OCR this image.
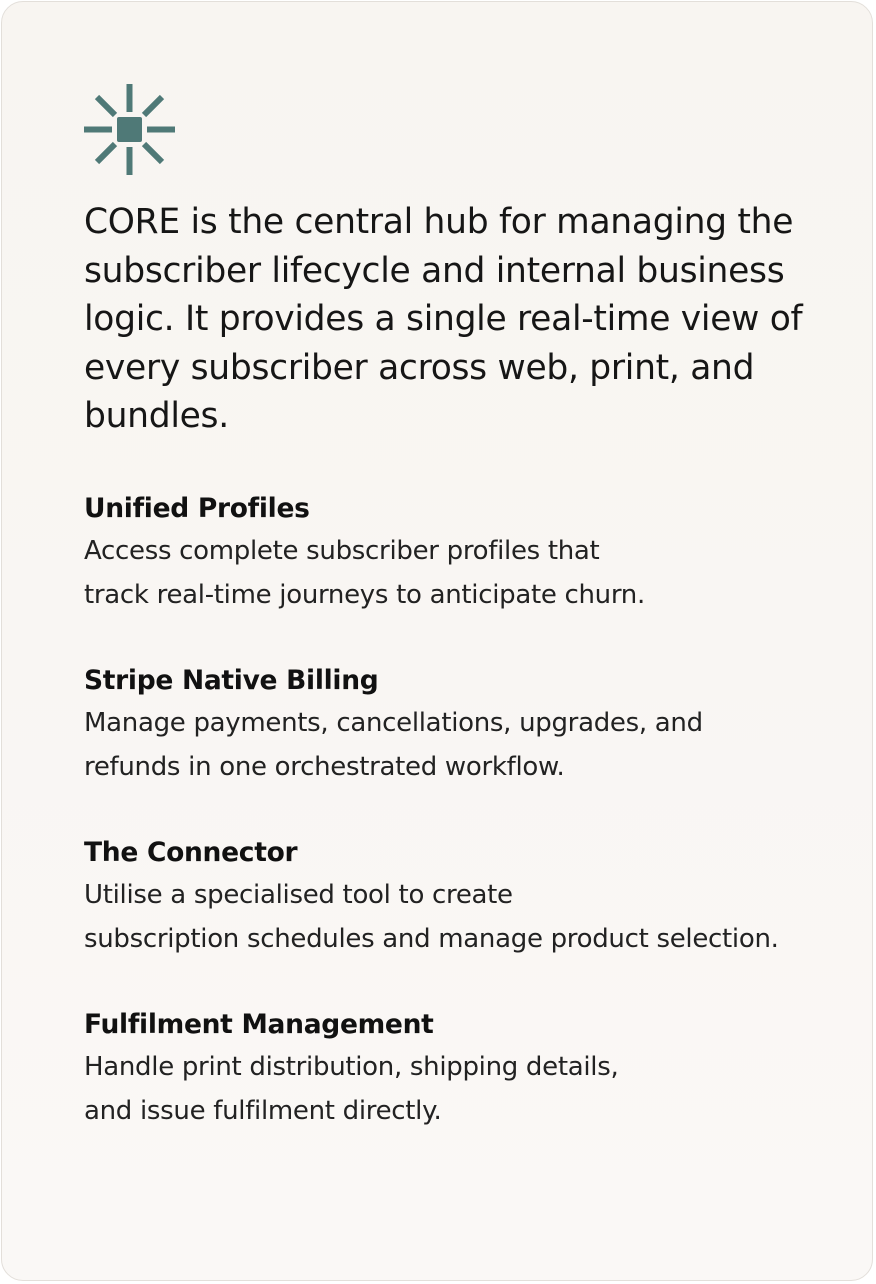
CORE is the central hub for managing the subscriber lifecycle and internal business logic. It provides a single real-time view of every subscriber across web, print, and bundles.

Unified Profiles
Access complete subscriber profiles that
track real-time journeys to anticipate churn.
Stripe Native Billing
Manage payments, cancellations, upgrades, and
refunds in one orchestrated workflow.
The Connector
Utilise a specialised tool to create
subscription schedules and manage product selection.
Fulfilment Management
Handle print distribution, shipping details,
and issue fulfilment directly.
